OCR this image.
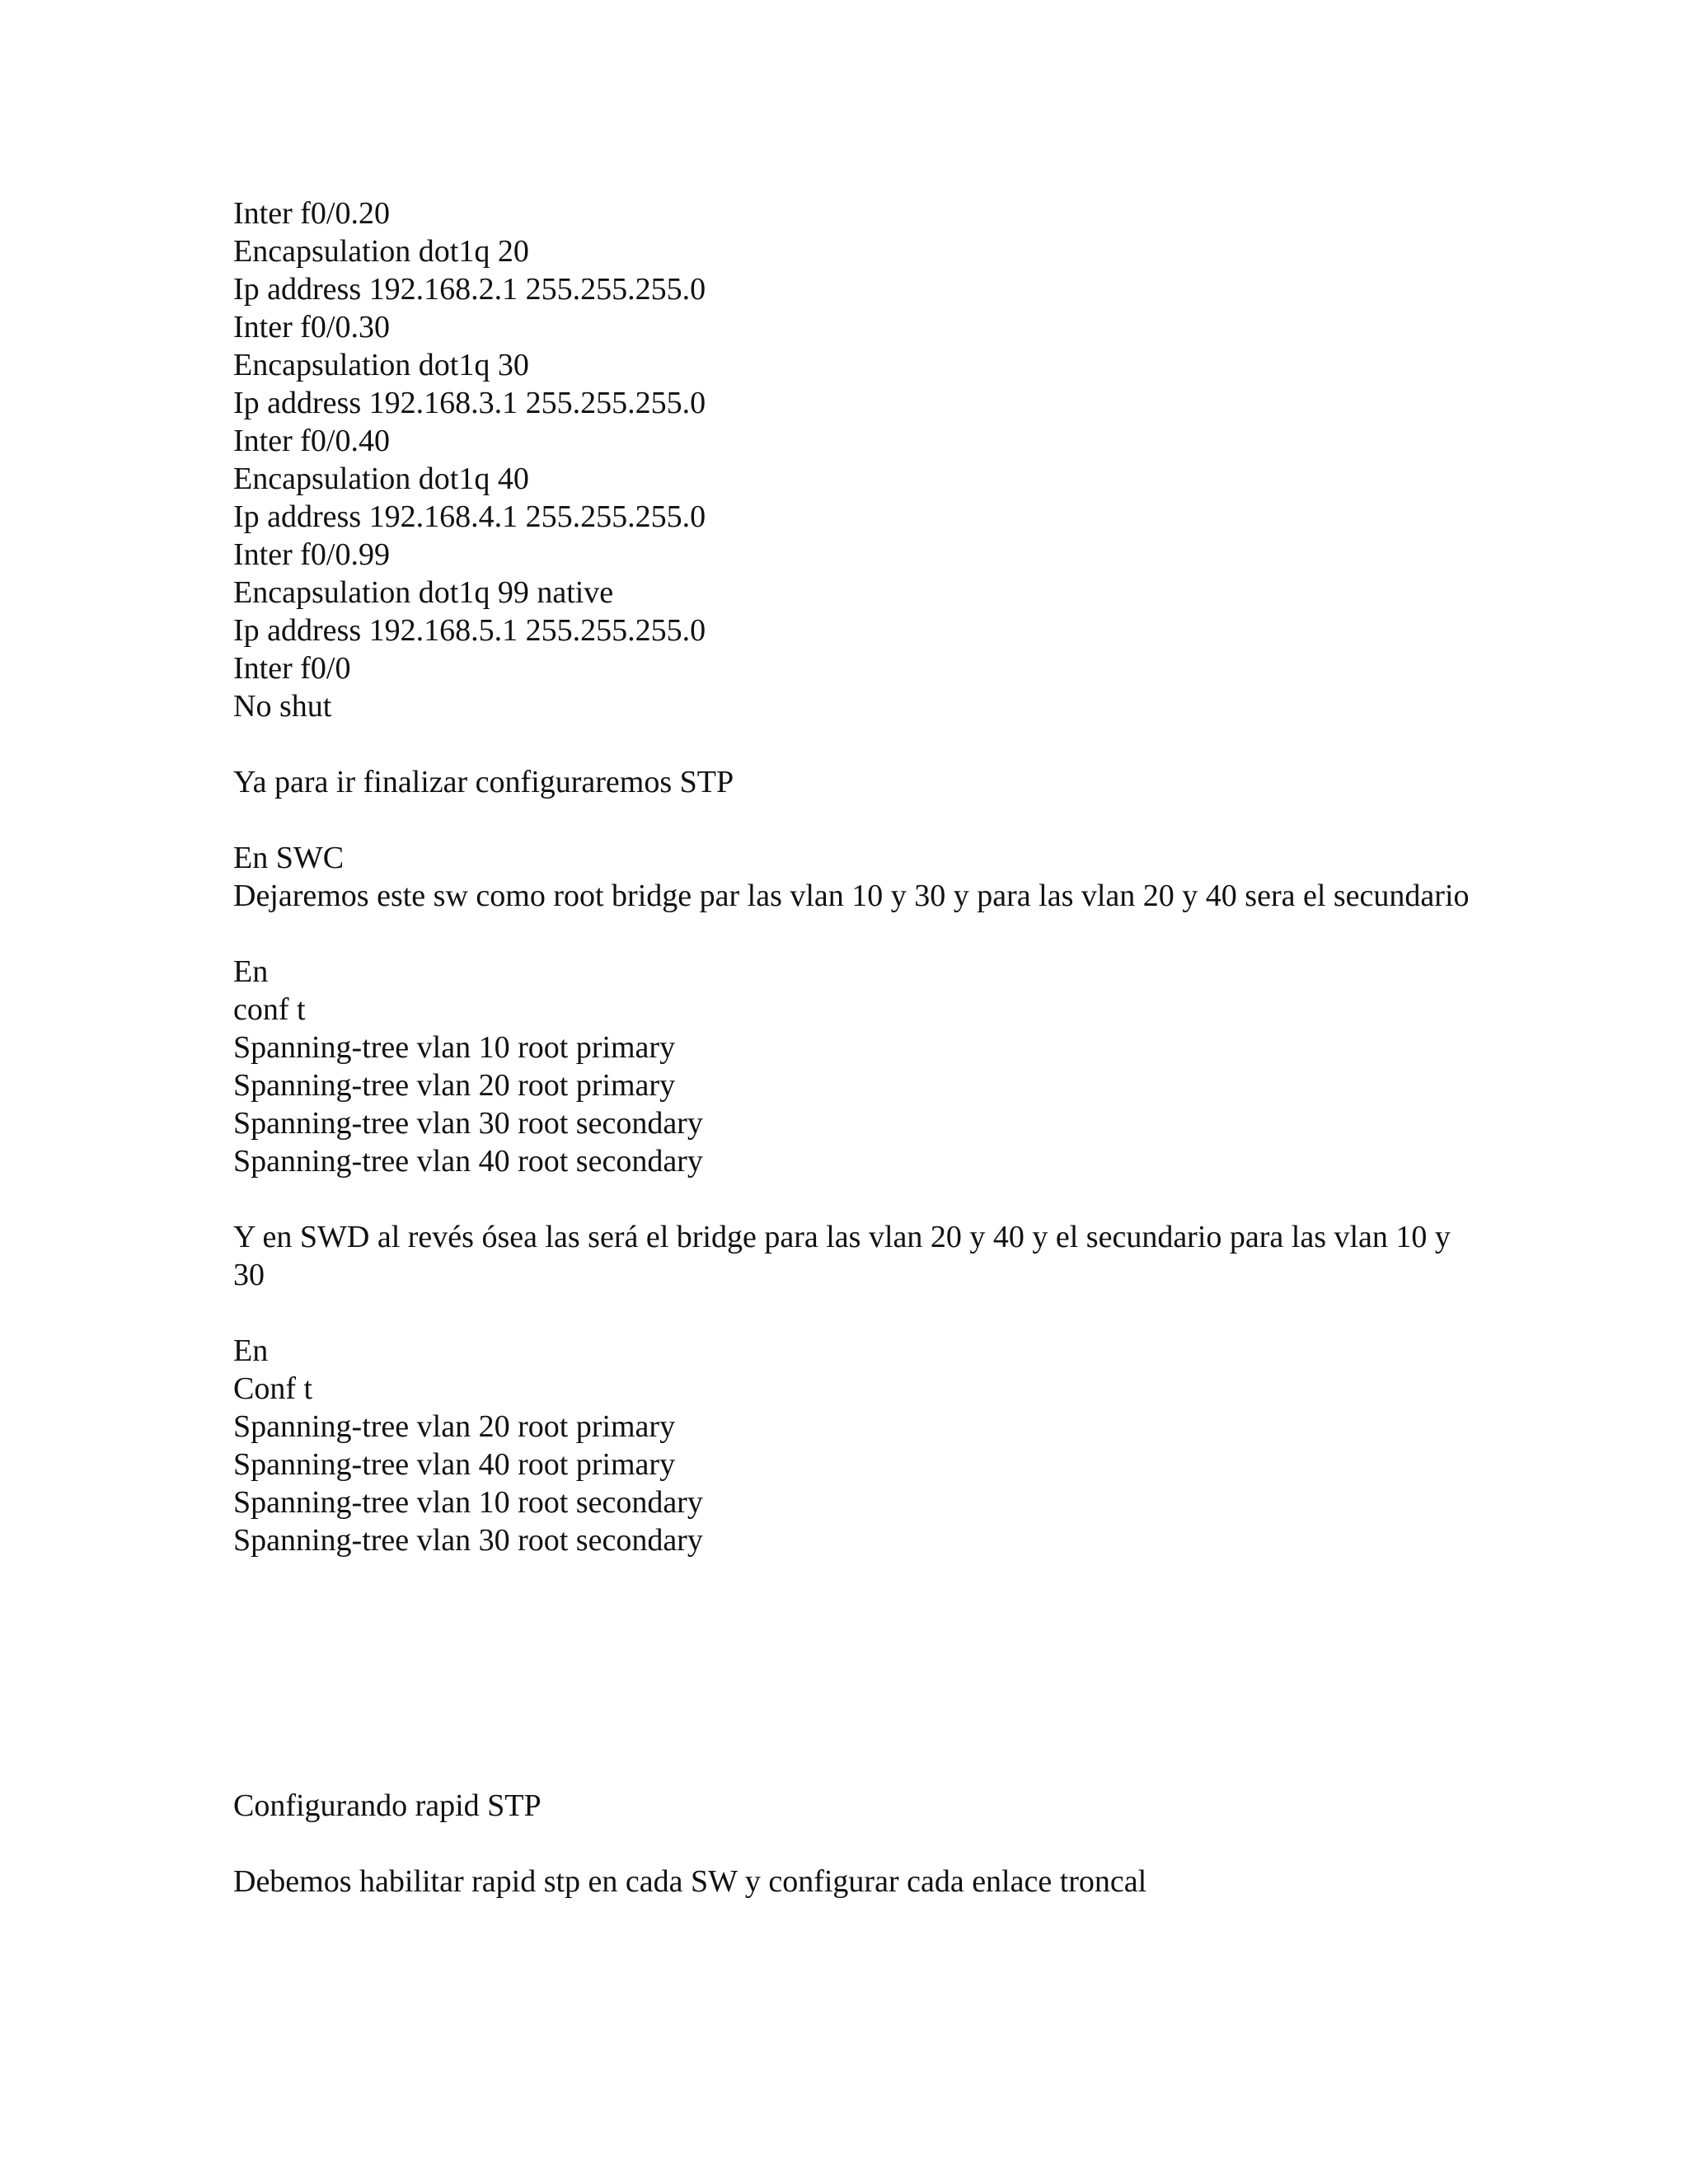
Inter f0/0.20
Encapsulation dot1q 20
Ip address 192.168.2.1 255.255.255.0
Inter f0/0.30
Encapsulation dot1q 30
Ip address 192.168.3.1 255.255.255.0
Inter f0/0.40
Encapsulation dot1q 40
Ip address 192.168.4.1 255.255.255.0
Inter f0/0.99
Encapsulation dot1q 99 native
Ip address 192.168.5.1 255.255.255.0
Inter f0/0
No shut
Ya para ir finalizar configuraremos STP
En SWC
Dejaremos este sw como root bridge par las vlan 10 y 30 y para las vlan 20 y 40 sera el secundario
En
conf t
Spanning-tree vlan 10 root primary
Spanning-tree vlan 20 root primary
Spanning-tree vlan 30 root secondary
Spanning-tree vlan 40 root secondary
Y en SWD al revés ósea las será el bridge para las vlan 20 y 40 y el secundario para las vlan 10 y 30
En
Conf t
Spanning-tree vlan 20 root primary
Spanning-tree vlan 40 root primary
Spanning-tree vlan 10 root secondary
Spanning-tree vlan 30 root secondary
Configurando rapid STP
Debemos habilitar rapid stp en cada SW y configurar cada enlace troncal
